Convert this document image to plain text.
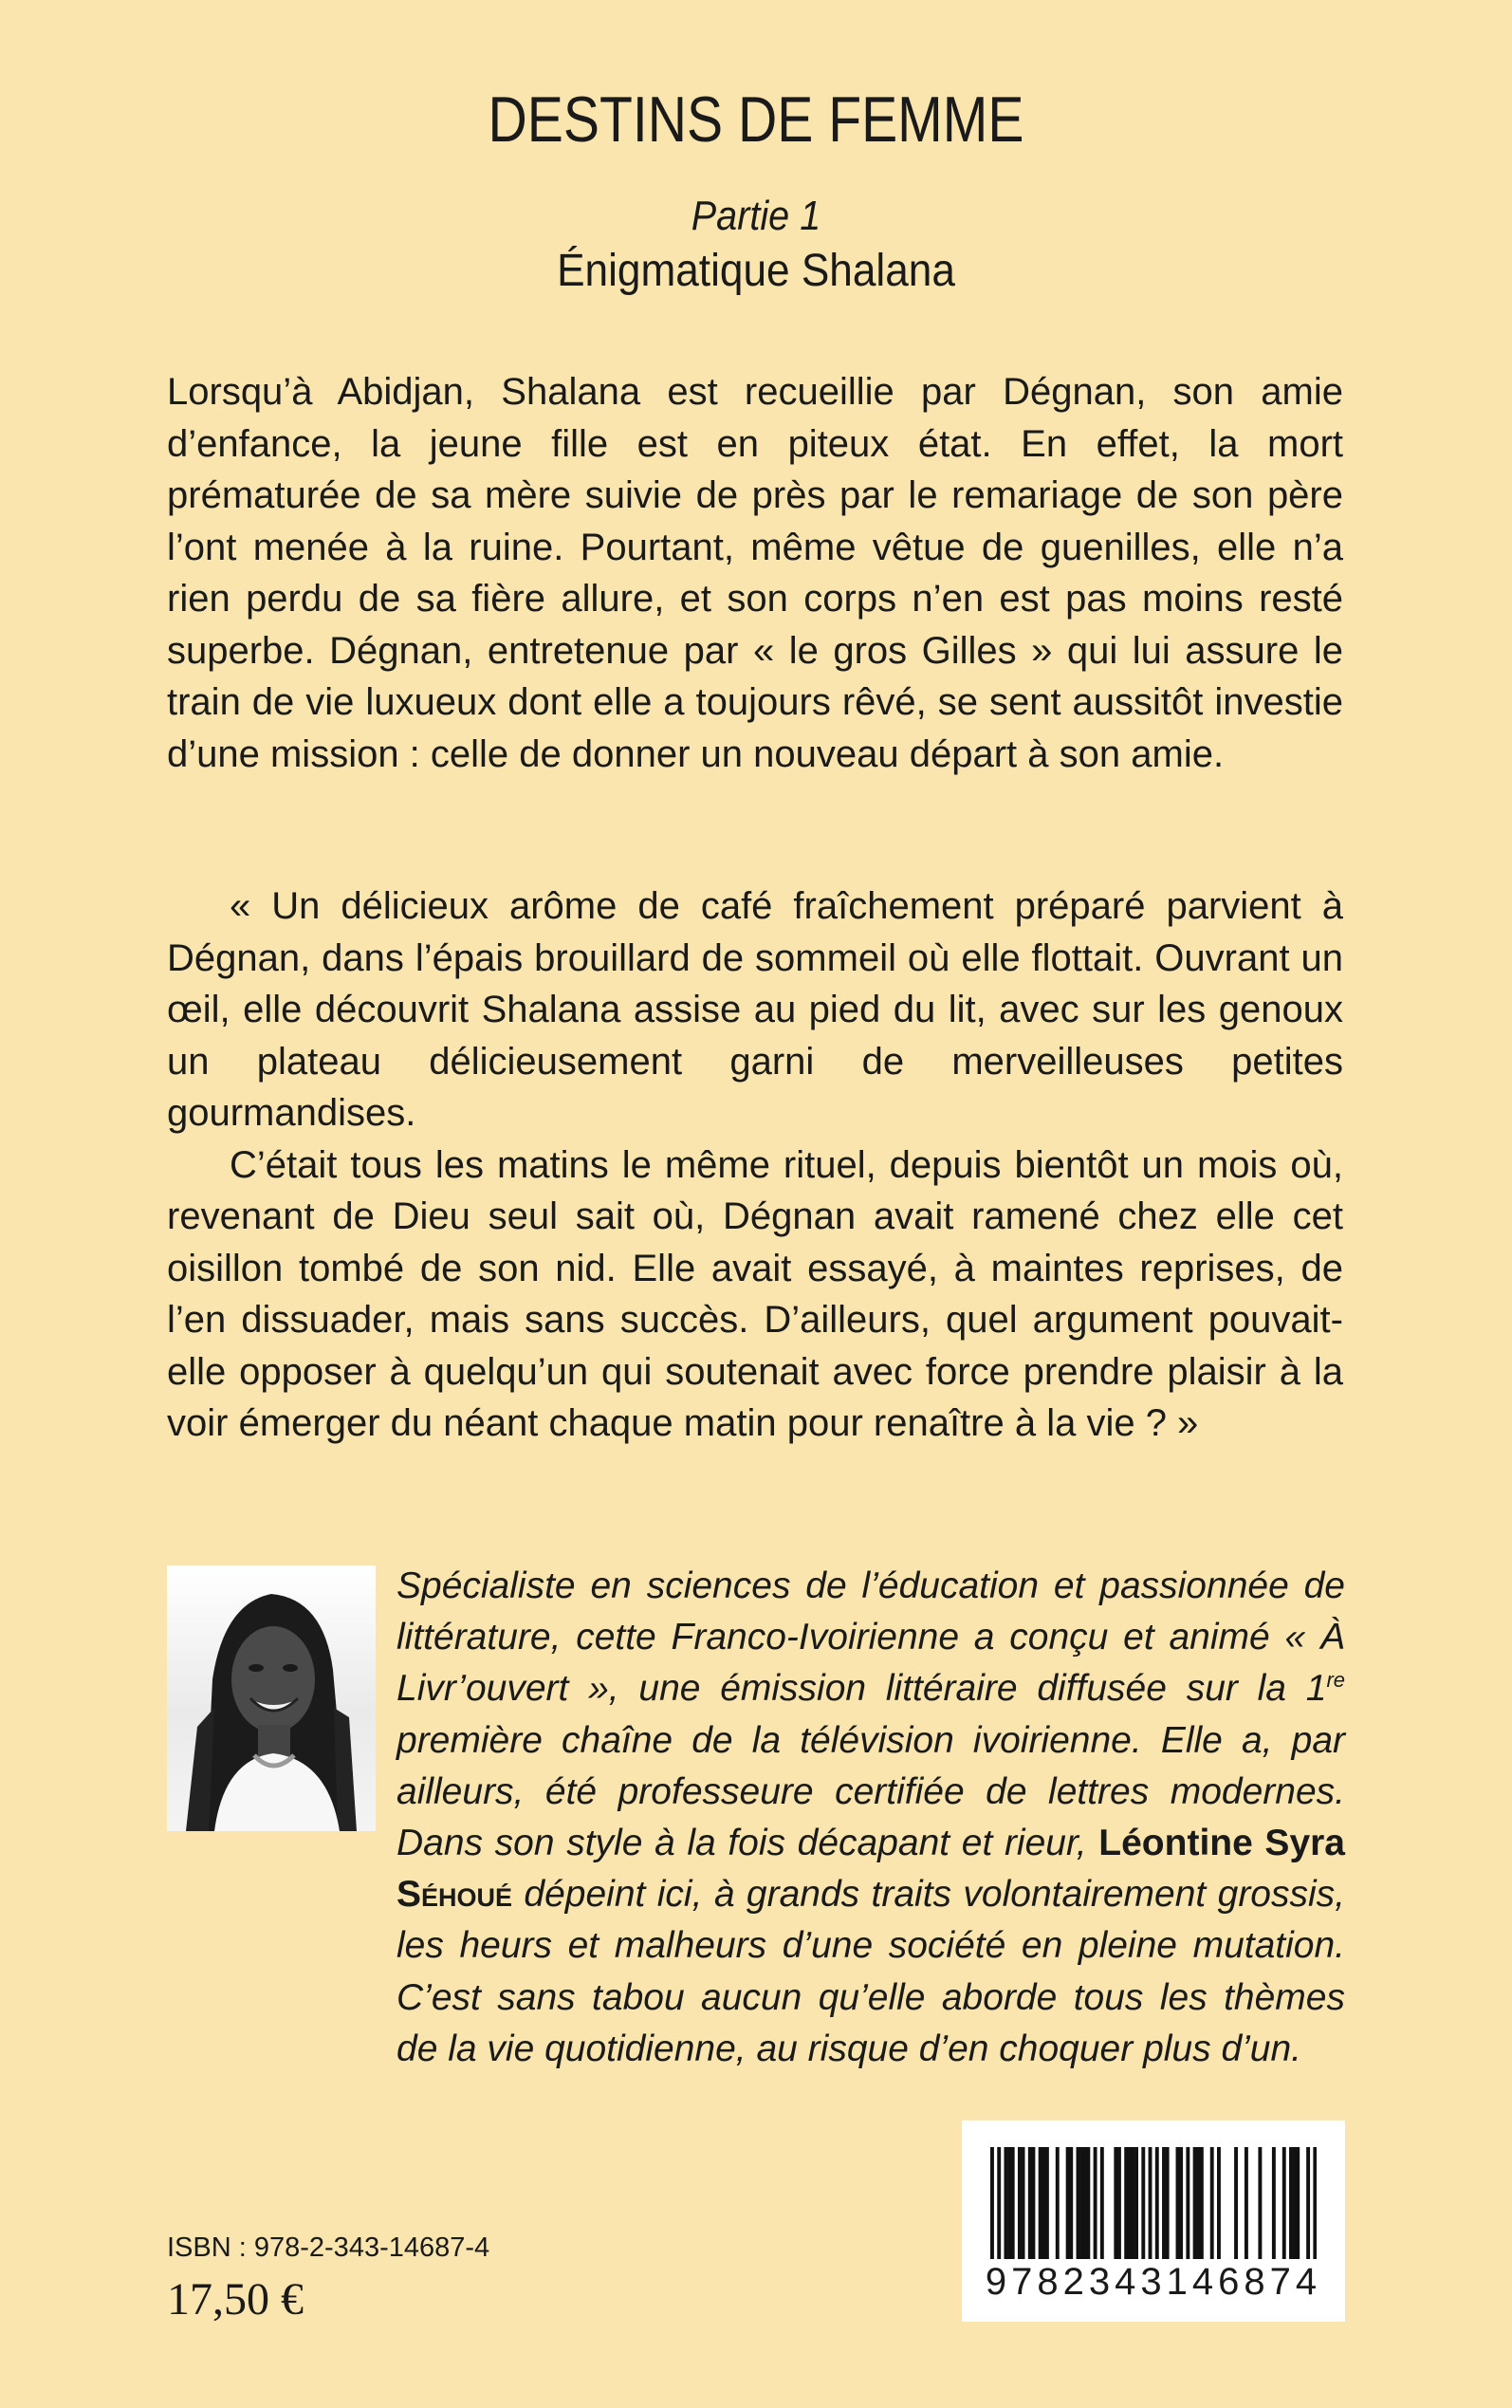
DESTINS DE FEMME
Partie 1
Énigmatique Shalana

Lorsqu’à Abidjan, Shalana est recueillie par Dégnan, son amie d’enfance, la jeune fille est en piteux état. En effet, la mort prématurée de sa mère suivie de près par le remariage de son père l’ont menée à la ruine. Pourtant, même vêtue de guenilles, elle n’a rien perdu de sa fière allure, et son corps n’en est pas moins resté superbe. Dégnan, entretenue par « le gros Gilles » qui lui assure le train de vie luxueux dont elle a toujours rêvé, se sent aussitôt investie d’une mission : celle de donner un nouveau départ à son amie.

« Un délicieux arôme de café fraîchement préparé parvient à Dégnan, dans l’épais brouillard de sommeil où elle flottait. Ouvrant un œil, elle découvrit Shalana assise au pied du lit, avec sur les genoux un plateau délicieusement garni de merveilleuses petites gourmandises.

C’était tous les matins le même rituel, depuis bientôt un mois où, revenant de Dieu seul sait où, Dégnan avait ramené chez elle cet oisillon tombé de son nid. Elle avait essayé, à maintes reprises, de l’en dissuader, mais sans succès. D’ailleurs, quel argument pouvait-elle opposer à quelqu’un qui soutenait avec force prendre plaisir à la voir émerger du néant chaque matin pour renaître à la vie ? »

Spécialiste en sciences de l’éducation et passionnée de littérature, cette Franco-Ivoirienne a conçu et animé « À Livr’ouvert », une émission littéraire diffusée sur la 1re première chaîne de la télévision ivoirienne. Elle a, par ailleurs, été professeure certifiée de lettres modernes. Dans son style à la fois décapant et rieur, Léontine Syra Séhoué dépeint ici, à grands traits volontairement grossis, les heurs et malheurs d’une société en pleine mutation. C’est sans tabou aucun qu’elle aborde tous les thèmes de la vie quotidienne, au risque d’en choquer plus d’un.

ISBN : 978-2-343-14687-4
17,50 €	9782343146874
